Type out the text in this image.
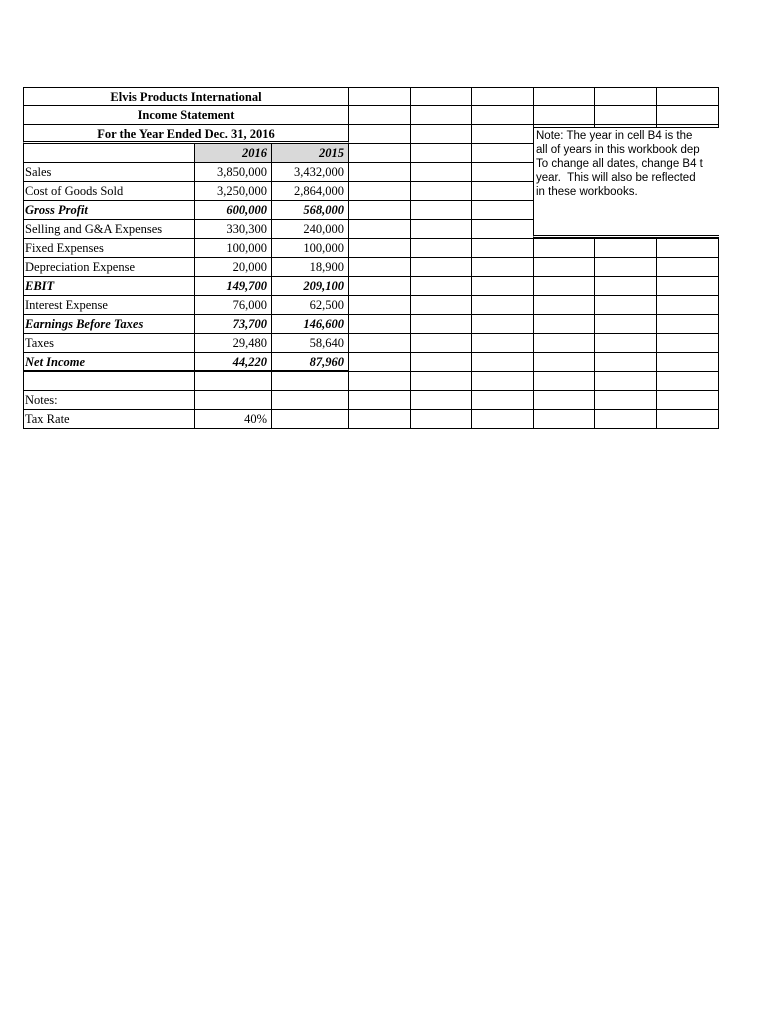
Elvis Products International
Income Statement
For the Year Ended Dec. 31, 2016
2016	2015
Sales	3,850,000	3,432,000
Cost of Goods Sold	3,250,000	2,864,000
Gross Profit	600,000	568,000
Selling and G&A Expenses	330,300	240,000
Fixed Expenses	100,000	100,000
Depreciation Expense	20,000	18,900
EBIT	149,700	209,100
Interest Expense	76,000	62,500
Earnings Before Taxes	73,700	146,600
Taxes	29,480	58,640
Net Income	44,220	87,960
Notes:
Tax Rate	40%
Note: The year in cell B4 is the
all of years in this workbook dep
To change all dates, change B4 t
year.  This will also be reflected
in these workbooks.
